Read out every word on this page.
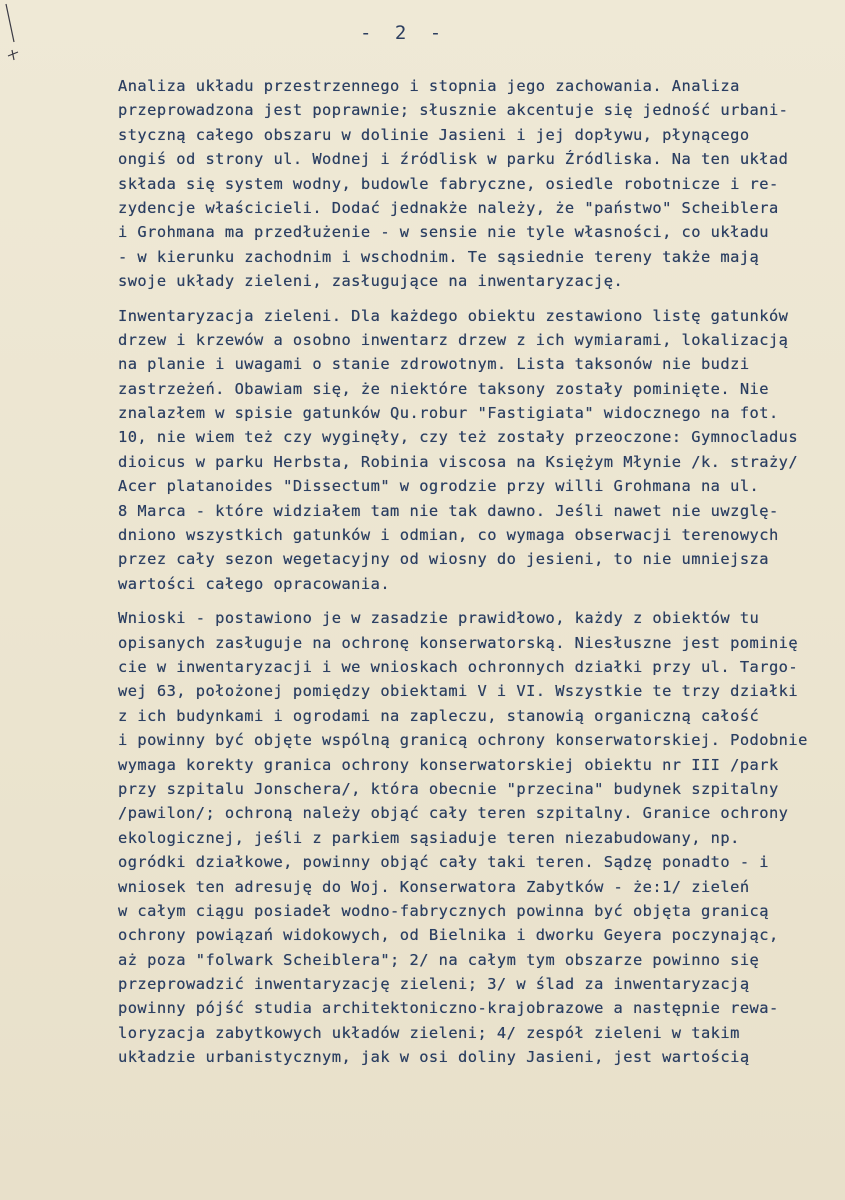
- 2 -
Analiza układu przestrzennego i stopnia jego zachowania. Analiza
przeprowadzona jest poprawnie; słusznie akcentuje się jedność urbani-
styczną całego obszaru w dolinie Jasieni i jej dopływu, płynącego
ongiś od strony ul. Wodnej i źródlisk w parku Źródliska. Na ten układ
składa się system wodny, budowle fabryczne, osiedle robotnicze i re-
zydencje właścicieli. Dodać jednakże należy, że "państwo" Scheiblera
i Grohmana ma przedłużenie - w sensie nie tyle własności, co układu
- w kierunku zachodnim i wschodnim. Te sąsiednie tereny także mają
swoje układy zieleni, zasługujące na inwentaryzację.
Inwentaryzacja zieleni. Dla każdego obiektu zestawiono listę gatunków
drzew i krzewów a osobno inwentarz drzew z ich wymiarami, lokalizacją
na planie i uwagami o stanie zdrowotnym. Lista taksonów nie budzi
zastrzeżeń. Obawiam się, że niektóre taksony zostały pominięte. Nie
znalazłem w spisie gatunków Qu.robur "Fastigiata" widocznego na fot.
10, nie wiem też czy wyginęły, czy też zostały przeoczone: Gymnocladus
dioicus w parku Herbsta, Robinia viscosa na Księżym Młynie /k. straży/
Acer platanoides "Dissectum" w ogrodzie przy willi Grohmana na ul.
8 Marca - które widziałem tam nie tak dawno. Jeśli nawet nie uwzglę-
dniono wszystkich gatunków i odmian, co wymaga obserwacji terenowych
przez cały sezon wegetacyjny od wiosny do jesieni, to nie umniejsza
wartości całego opracowania.
Wnioski - postawiono je w zasadzie prawidłowo, każdy z obiektów tu
opisanych zasługuje na ochronę konserwatorską. Niesłuszne jest pominię
cie w inwentaryzacji i we wnioskach ochronnych działki przy ul. Targo-
wej 63, położonej pomiędzy obiektami V i VI. Wszystkie te trzy działki
z ich budynkami i ogrodami na zapleczu, stanowią organiczną całość
i powinny być objęte wspólną granicą ochrony konserwatorskiej. Podobnie
wymaga korekty granica ochrony konserwatorskiej obiektu nr III /park
przy szpitalu Jonschera/, która obecnie "przecina" budynek szpitalny
/pawilon/; ochroną należy objąć cały teren szpitalny. Granice ochrony
ekologicznej, jeśli z parkiem sąsiaduje teren niezabudowany, np.
ogródki działkowe, powinny objąć cały taki teren. Sądzę ponadto - i
wniosek ten adresuję do Woj. Konserwatora Zabytków - że:1/ zieleń
w całym ciągu posiadeł wodno-fabrycznych powinna być objęta granicą
ochrony powiązań widokowych, od Bielnika i dworku Geyera poczynając,
aż poza "folwark Scheiblera"; 2/ na całym tym obszarze powinno się
przeprowadzić inwentaryzację zieleni; 3/ w ślad za inwentaryzacją
powinny pójść studia architektoniczno-krajobrazowe a następnie rewa-
loryzacja zabytkowych układów zieleni; 4/ zespół zieleni w takim
układzie urbanistycznym, jak w osi doliny Jasieni, jest wartością
